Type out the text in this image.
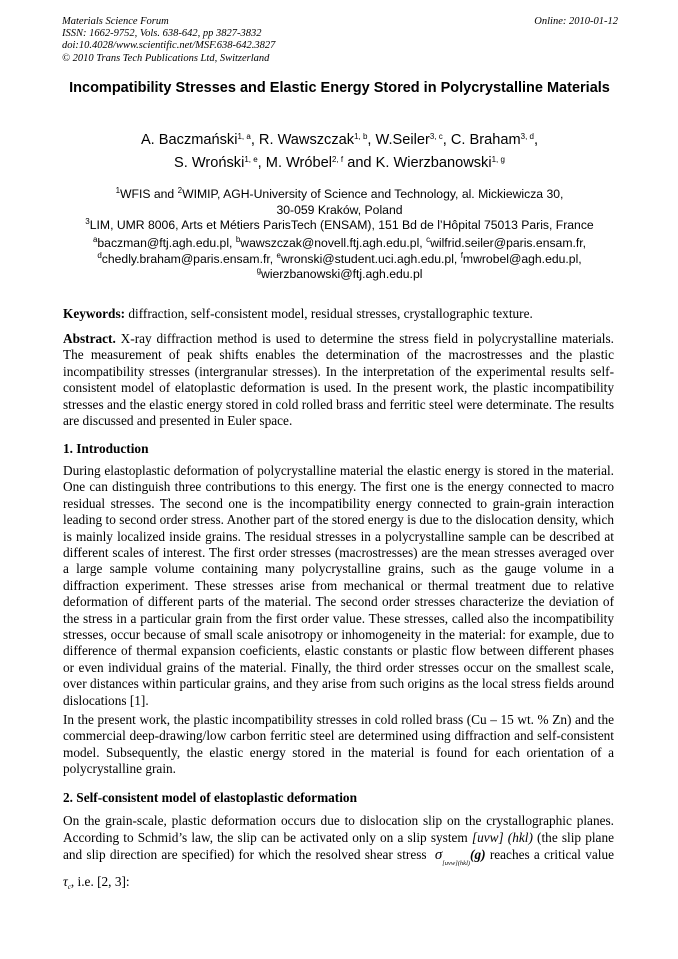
Materials Science Forum
ISSN: 1662-9752, Vols. 638-642, pp 3827-3832
doi:10.4028/www.scientific.net/MSF.638-642.3827
© 2010 Trans Tech Publications Ltd, Switzerland
Online: 2010-01-12
Incompatibility Stresses and Elastic Energy Stored in Polycrystalline Materials
A. Baczmański$^{1, a}$, R. Wawszczak$^{1, b}$, W.Seiler$^{3, c}$, C. Braham$^{3, d}$,
S. Wroński$^{1, e}$, M. Wróbel$^{2, f}$ and K. Wierzbanowski$^{1, g}$
$^1$WFIS and $^2$WIMIP, AGH-University of Science and Technology, al. Mickiewicza 30,
30-059 Kraków, Poland
$^3$LIM, UMR 8006, Arts et Métiers ParisTech (ENSAM), 151 Bd de l’Hôpital 75013 Paris, France
$^a$baczman@ftj.agh.edu.pl, $^b$wawszczak@novell.ftj.agh.edu.pl, $^c$wilfrid.seiler@paris.ensam.fr,
$^d$chedly.braham@paris.ensam.fr, $^e$wronski@student.uci.agh.edu.pl, $^f$mwrobel@agh.edu.pl,
$^g$wierzbanowski@ftj.agh.edu.pl
Keywords: diffraction, self-consistent model, residual stresses, crystallographic texture.
Abstract. X-ray diffraction method is used to determine the stress field in polycrystalline materials. The measurement of peak shifts enables the determination of the macrostresses and the plastic incompatibility stresses (intergranular stresses). In the interpretation of the experimental results self-consistent model of elatoplastic deformation is used. In the present work, the plastic incompatibility stresses and the elastic energy stored in cold rolled brass and ferritic steel were determinate. The results are discussed and presented in Euler space.
1. Introduction
During elastoplastic deformation of polycrystalline material the elastic energy is stored in the material. One can distinguish three contributions to this energy. The first one is the energy connected to macro residual stresses. The second one is the incompatibility energy connected to grain-grain interaction leading to second order stress. Another part of the stored energy is due to the dislocation density, which is mainly localized inside grains. The residual stresses in a polycrystalline sample can be described at different scales of interest. The first order stresses (macrostresses) are the mean stresses averaged over a large sample volume containing many polycrystalline grains, such as the gauge volume in a diffraction experiment. These stresses arise from mechanical or thermal treatment due to relative deformation of different parts of the material. The second order stresses characterize the deviation of the stress in a particular grain from the first order value. These stresses, called also the incompatibility stresses, occur because of small scale anisotropy or inhomogeneity in the material: for example, due to difference of thermal expansion coeficients, elastic constants or plastic flow between different phases or even individual grains of the material. Finally, the third order stresses occur on the smallest scale, over distances within particular grains, and they arise from such origins as the local stress fields around dislocations [1].
In the present work, the plastic incompatibility stresses in cold rolled brass (Cu – 15 wt. % Zn) and the commercial deep-drawing/low carbon ferritic steel are determined using diffraction and self-consistent model. Subsequently, the elastic energy stored in the material is found for each orientation of a polycrystalline grain.
2. Self-consistent model of elastoplastic deformation
On the grain-scale, plastic deformation occurs due to dislocation slip on the crystallographic planes. According to Schmid’s law, the slip can be activated only on a slip system [uvw] (hkl) (the slip plane and slip direction are specified) for which the resolved shear stress $\sigma_{[uvw](hkl)}(g)$ reaches a critical value $\tau_c$, i.e. [2, 3]:
